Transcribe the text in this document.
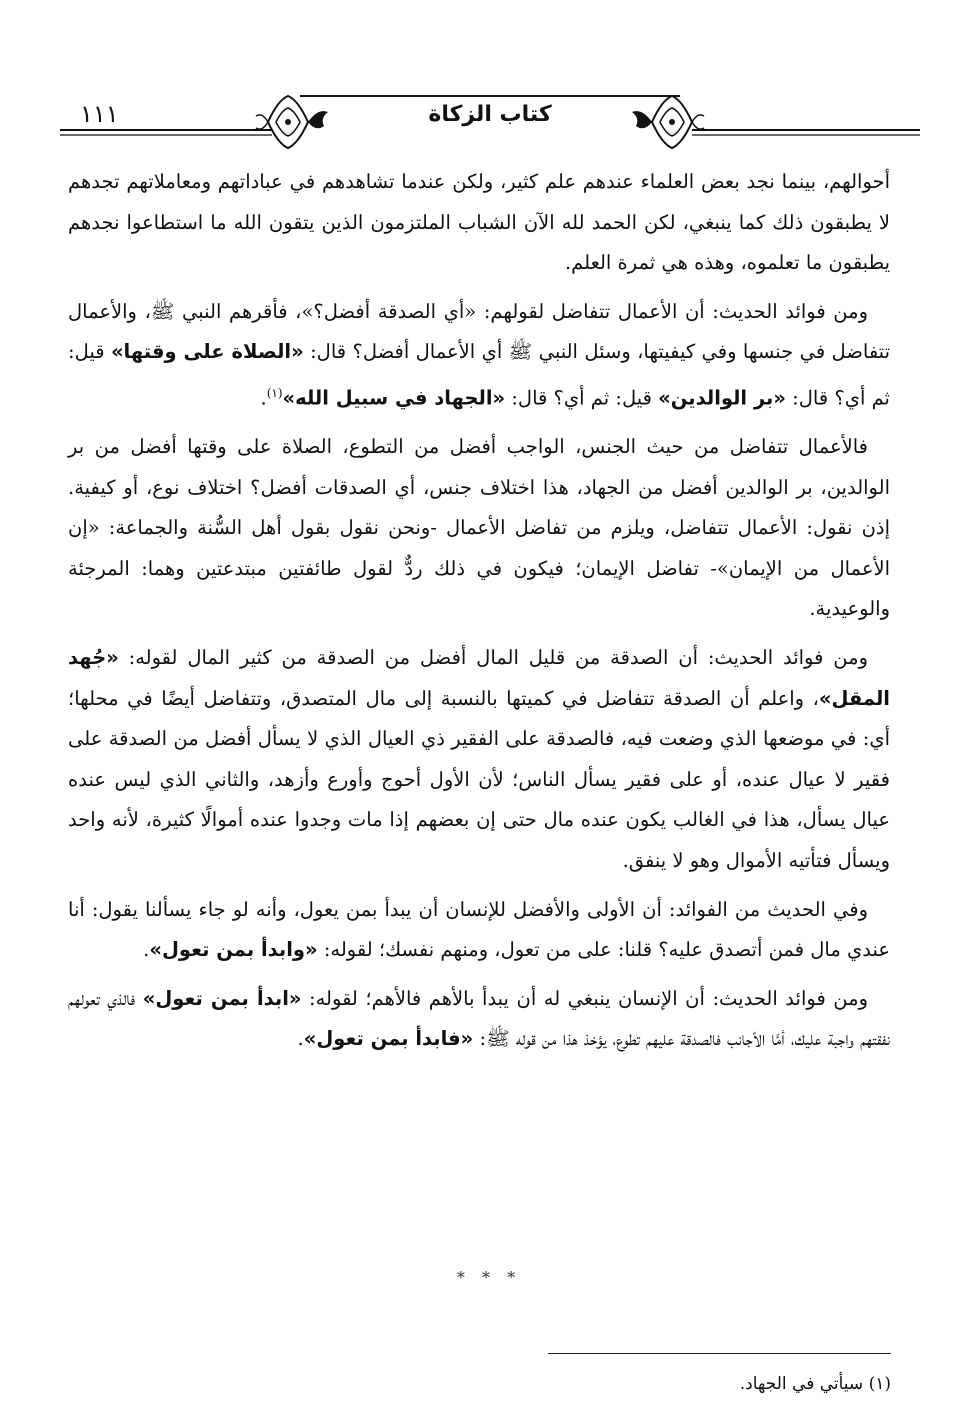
١١١	كتاب الزكاة

أحوالهم، بينما نجد بعض العلماء عندهم علم كثير، ولكن عندما تشاهدهم في عباداتهم ومعاملاتهم تجدهم لا يطبقون ذلك كما ينبغي، لكن الحمد لله الآن الشباب الملتزمون الذين يتقون الله ما استطاعوا نجدهم يطبقون ما تعلموه، وهذه هي ثمرة العلم.

ومن فوائد الحديث: أن الأعمال تتفاضل لقولهم: «أي الصدقة أفضل؟»، فأقرهم النبي ﷺ، والأعمال تتفاضل في جنسها وفي كيفيتها، وسئل النبي ﷺ أي الأعمال أفضل؟ قال: «الصلاة على وقتها» قيل: ثم أي؟ قال: «بر الوالدين» قيل: ثم أي؟ قال: «الجهاد في سبيل الله»$^{(١)}$.

فالأعمال تتفاضل من حيث الجنس، الواجب أفضل من التطوع، الصلاة على وقتها أفضل من بر الوالدين، بر الوالدين أفضل من الجهاد، هذا اختلاف جنس، أي الصدقات أفضل؟ اختلاف نوع، أو كيفية. إذن نقول: الأعمال تتفاضل، ويلزم من تفاضل الأعمال -ونحن نقول بقول أهل السُّنة والجماعة: «إن الأعمال من الإيمان»- تفاضل الإيمان؛ فيكون في ذلك ردٌّ لقول طائفتين مبتدعتين وهما: المرجئة والوعيدية.

ومن فوائد الحديث: أن الصدقة من قليل المال أفضل من الصدقة من كثير المال لقوله: «جُهد المقل»، واعلم أن الصدقة تتفاضل في كميتها بالنسبة إلى مال المتصدق، وتتفاضل أيضًا في محلها؛ أي: في موضعها الذي وضعت فيه، فالصدقة على الفقير ذي العيال الذي لا يسأل أفضل من الصدقة على فقير لا عيال عنده، أو على فقير يسأل الناس؛ لأن الأول أحوج وأورع وأزهد، والثاني الذي ليس عنده عيال يسأل، هذا في الغالب يكون عنده مال حتى إن بعضهم إذا مات وجدوا عنده أموالًا كثيرة، لأنه واحد ويسأل فتأتيه الأموال وهو لا ينفق.

وفي الحديث من الفوائد: أن الأولى والأفضل للإنسان أن يبدأ بمن يعول، وأنه لو جاء يسألنا يقول: أنا عندي مال فمن أتصدق عليه؟ قلنا: على من تعول، ومنهم نفسك؛ لقوله: «وابدأ بمن تعول».

ومن فوائد الحديث: أن الإنسان ينبغي له أن يبدأ بالأهم فالأهم؛ لقوله: «ابدأ بمن تعول» فالذي تعولهم نفقتهم واجبة عليك، أمَّا الأجانب فالصدقة عليهم تطوع، يؤخذ هذا من قوله ﷺ: «فابدأ بمن تعول».

* * *
(١) سيأتي في الجهاد.
